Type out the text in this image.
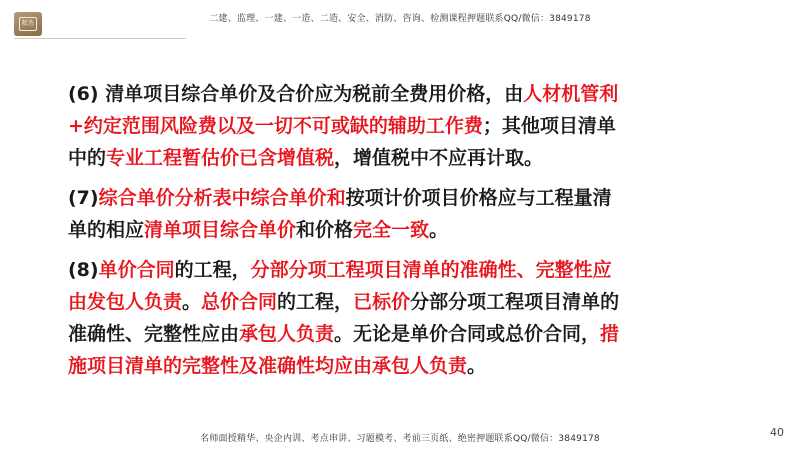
精选	二建、监理、一建、一造、二造、安全、消防、咨询、检测课程押题联系QQ/微信：3849178

(6) 清单项目综合单价及合价应为税前全费用价格，由人材机管利+约定范围风险费以及一切不可或缺的辅助工作费；其他项目清单中的专业工程暂估价已含增值税，增值税中不应再计取。

(7)综合单价分析表中综合单价和按项计价项目价格应与工程量清单的相应清单项目综合单价和价格完全一致。

(8)单价合同的工程，分部分项工程项目清单的准确性、完整性应由发包人负责。总价合同的工程，已标价分部分项工程项目清单的准确性、完整性应由承包人负责。无论是单价合同或总价合同，措施项目清单的完整性及准确性均应由承包人负责。

名师面授精华、央企内训、考点串讲、习题模考、考前三页纸、绝密押题联系QQ/微信：3849178	40
